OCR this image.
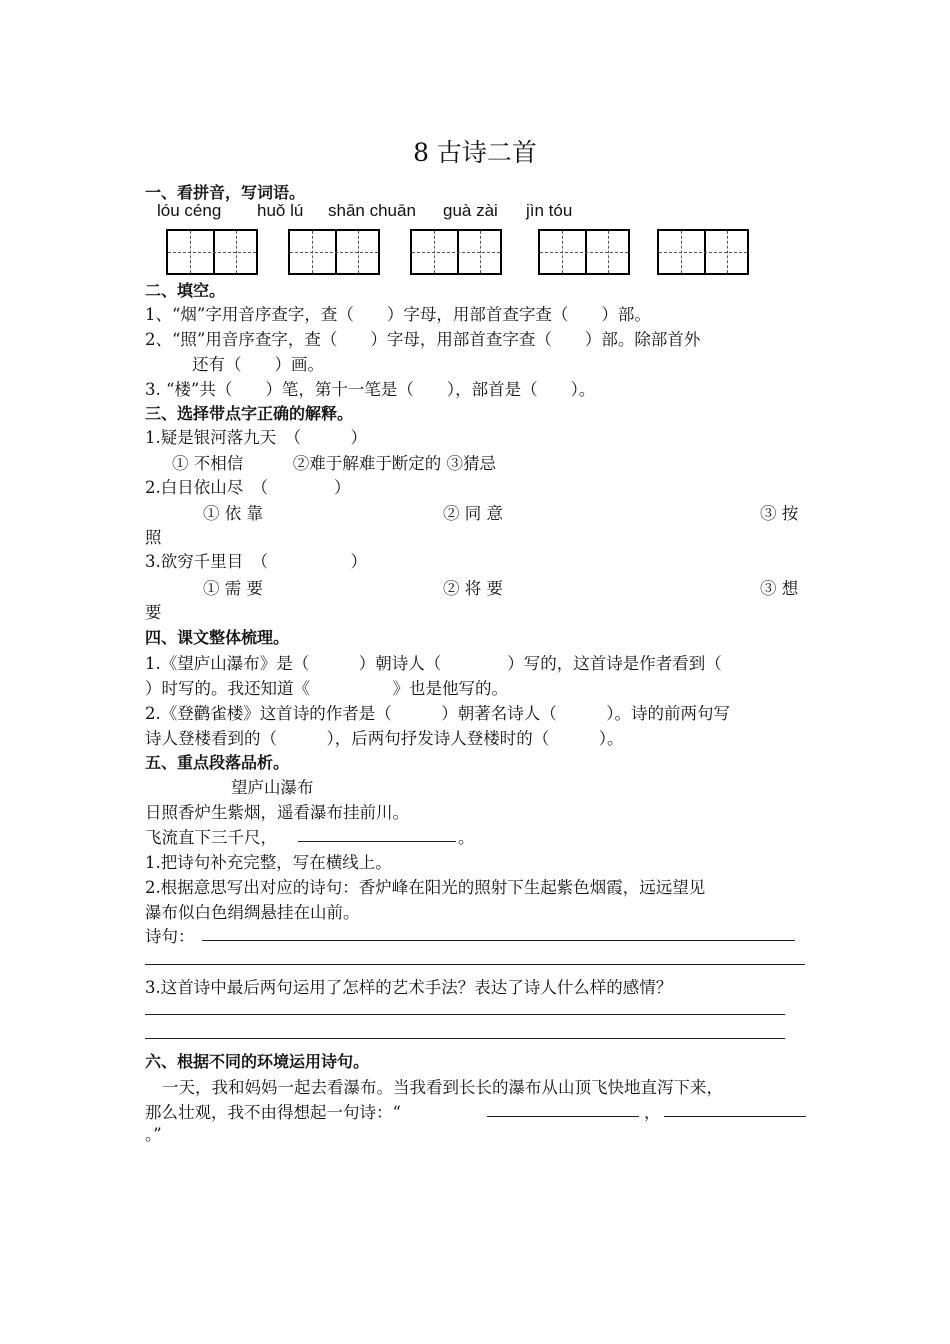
8 古诗二首
一、看拼音，写词语。
lóu céng huǒ lú shān chuān guà zài jìn tóu
二、填空。
1、“烟”字用音序查字，查（　　）字母，用部首查字查（　　）部。
2、“照”用音序查字，查（　　）字母，用部首查字查（　　）部。除部首外
还有（　　）画。
3. “楼”共（　　）笔，第十一笔是（　　），部首是（　　）。
三、选择带点字正确的解释。
1.疑是银河落九天　（　　　）
① 不相信　　　②难于解难于断定的 ③猜忌
2.白日依山尽　（　　　　）
① 依 靠	② 同 意	③ 按
照
3.欲穷千里目　（　　　　　）
① 需 要	② 将 要	③ 想
要
四、课文整体梳理。
1.《望庐山瀑布》是（　　　）朝诗人（　　　　）写的，这首诗是作者看到（
）时写的。我还知道《　　　　　》也是他写的。
2.《登鹳雀楼》这首诗的作者是（　　　）朝著名诗人（　　　）。诗的前两句写
诗人登楼看到的（　　　），后两句抒发诗人登楼时的（　　　）。
五、重点段落品析。
望庐山瀑布
日照香炉生紫烟，遥看瀑布挂前川。
飞流直下三千尺，	。
1.把诗句补充完整，写在横线上。
2.根据意思写出对应的诗句：香炉峰在阳光的照射下生起紫色烟霞，远远望见
瀑布似白色绢绸悬挂在山前。
诗句：
3.这首诗中最后两句运用了怎样的艺术手法？表达了诗人什么样的感情？
六、根据不同的环境运用诗句。
一天，我和妈妈一起去看瀑布。当我看到长长的瀑布从山顶飞快地直泻下来，
那么壮观，我不由得想起一句诗：“	，
。”
